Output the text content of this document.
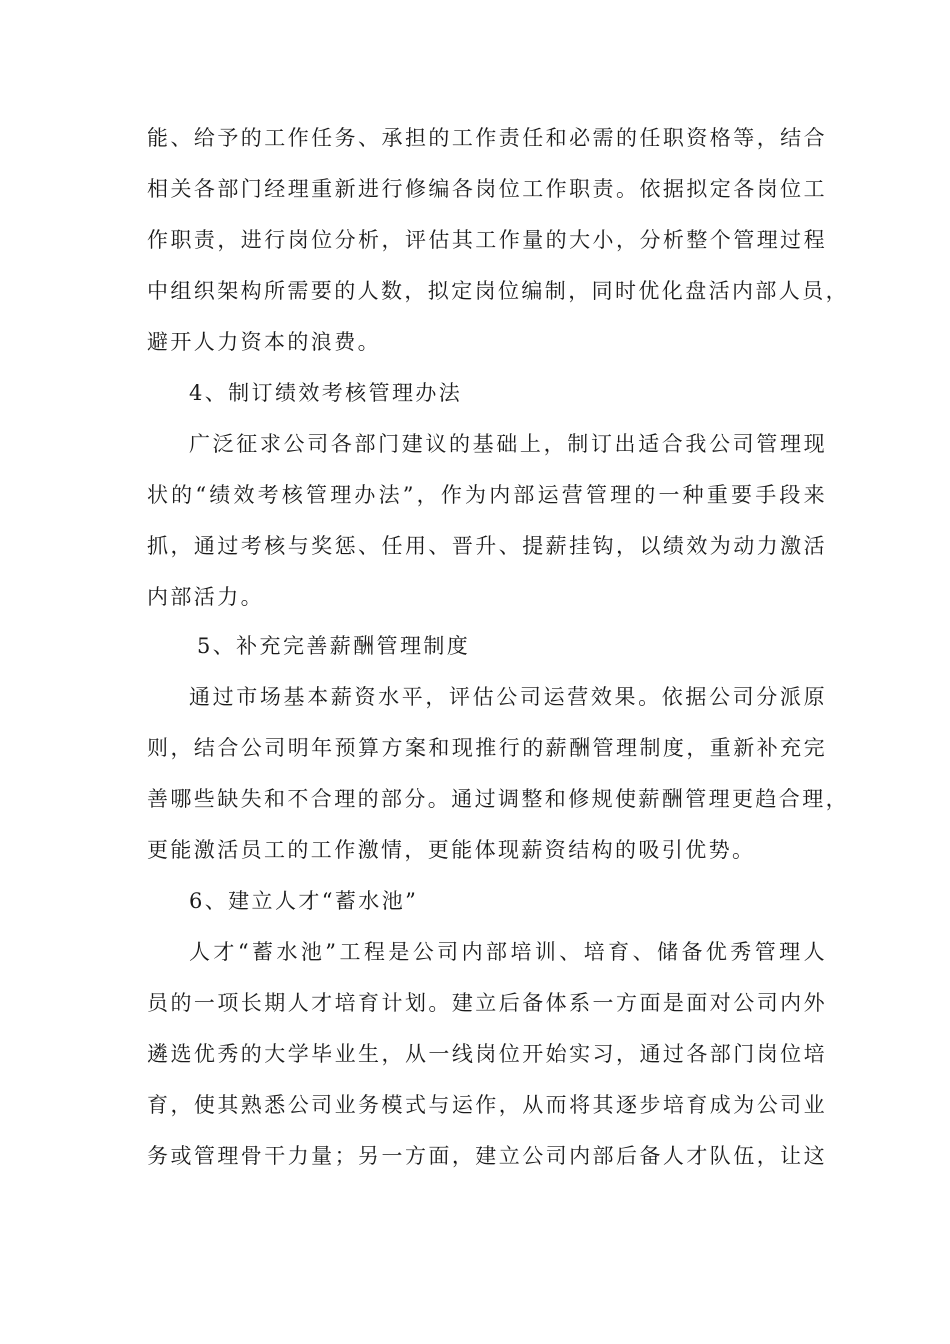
能、给予的工作任务、承担的工作责任和必需的任职资格等，结合
相关各部门经理重新进行修编各岗位工作职责。依据拟定各岗位工
作职责，进行岗位分析，评估其工作量的大小，分析整个管理过程
中组织架构所需要的人数，拟定岗位编制，同时优化盘活内部人员，
避开人力资本的浪费。
4、制订绩效考核管理办法
广泛征求公司各部门建议的基础上，制订出适合我公司管理现
状的“绩效考核管理办法”，作为内部运营管理的一种重要手段来
抓，通过考核与奖惩、任用、晋升、提薪挂钩，以绩效为动力激活
内部活力。
5、补充完善薪酬管理制度
通过市场基本薪资水平，评估公司运营效果。依据公司分派原
则，结合公司明年预算方案和现推行的薪酬管理制度，重新补充完
善哪些缺失和不合理的部分。通过调整和修规使薪酬管理更趋合理，
更能激活员工的工作激情，更能体现薪资结构的吸引优势。
6、建立人才“蓄水池”
人才“蓄水池”工程是公司内部培训、培育、储备优秀管理人
员的一项长期人才培育计划。建立后备体系一方面是面对公司内外
遴选优秀的大学毕业生，从一线岗位开始实习，通过各部门岗位培
育，使其熟悉公司业务模式与运作，从而将其逐步培育成为公司业
务或管理骨干力量；另一方面，建立公司内部后备人才队伍，让这
